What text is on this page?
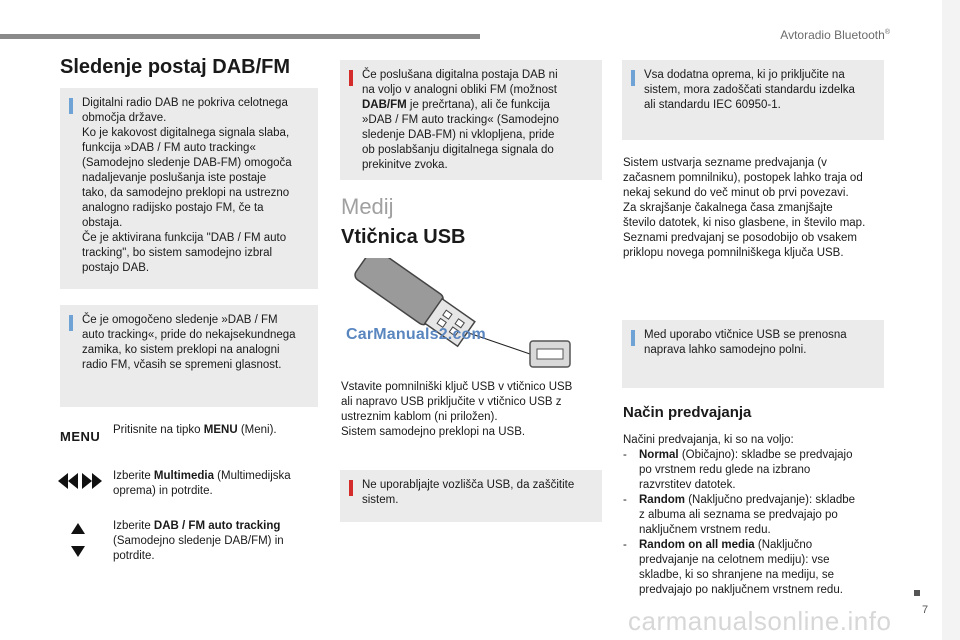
Avtoradio Bluetooth®
7
Sledenje postaj DAB/FM

Digitalni radio DAB ne pokriva celotnega

območja države.

Ko je kakovost digitalnega signala slaba,

funkcija »DAB / FM auto tracking«

(Samodejno sledenje DAB-FM) omogoča

nadaljevanje poslušanja iste postaje

tako, da samodejno preklopi na ustrezno

analogno radijsko postajo FM, če ta

obstaja.

Če je aktivirana funkcija "DAB / FM auto

tracking", bo sistem samodejno izbral

postajo DAB.

Če je omogočeno sledenje »DAB / FM

auto tracking«, pride do nekajsekundnega

zamika, ko sistem preklopi na analogni

radio FM, včasih se spremeni glasnost.

MENU Pritisnite na tipko MENU (Meni).

Izberite Multimedia (Multimedijska

oprema) in potrdite.

Izberite DAB / FM auto tracking

(Samodejno sledenje DAB/FM) in

potrdite.

Če poslušana digitalna postaja DAB ni

na voljo v analogni obliki FM (možnost

DAB/FM je prečrtana), ali če funkcija

»DAB / FM auto tracking« (Samodejno

sledenje DAB-FM) ni vklopljena, pride

ob poslabšanju digitalnega signala do

prekinitve zvoka.

Medij
Vtičnica USB
CarManuals2.com

Vstavite pomnilniški ključ USB v vtičnico USB

ali napravo USB priključite v vtičnico USB z

ustreznim kablom (ni priložen).

Sistem samodejno preklopi na USB.

Ne uporabljajte vozlišča USB, da zaščitite

sistem.

Vsa dodatna oprema, ki jo priključite na

sistem, mora zadoščati standardu izdelka

ali standardu IEC 60950-1.

Sistem ustvarja sezname predvajanja (v

začasnem pomnilniku), postopek lahko traja od

nekaj sekund do več minut ob prvi povezavi.

Za skrajšanje čakalnega časa zmanjšajte

število datotek, ki niso glasbene, in število map.

Seznami predvajanj se posodobijo ob vsakem

priklopu novega pomnilniškega ključa USB.

Med uporabo vtičnice USB se prenosna

naprava lahko samodejno polni.

Način predvajanja

Načini predvajanja, ki so na voljo:

-	Normal (Običajno): skladbe se predvajajo

po vrstnem redu glede na izbrano

razvrstitev datotek.

-	Random (Naključno predvajanje): skladbe

z albuma ali seznama se predvajajo po

naključnem vrstnem redu.

-	Random on all media (Naključno

predvajanje na celotnem mediju): vse

skladbe, ki so shranjene na mediju, se

predvajajo po naključnem vrstnem redu.

carmanualsonline.info
